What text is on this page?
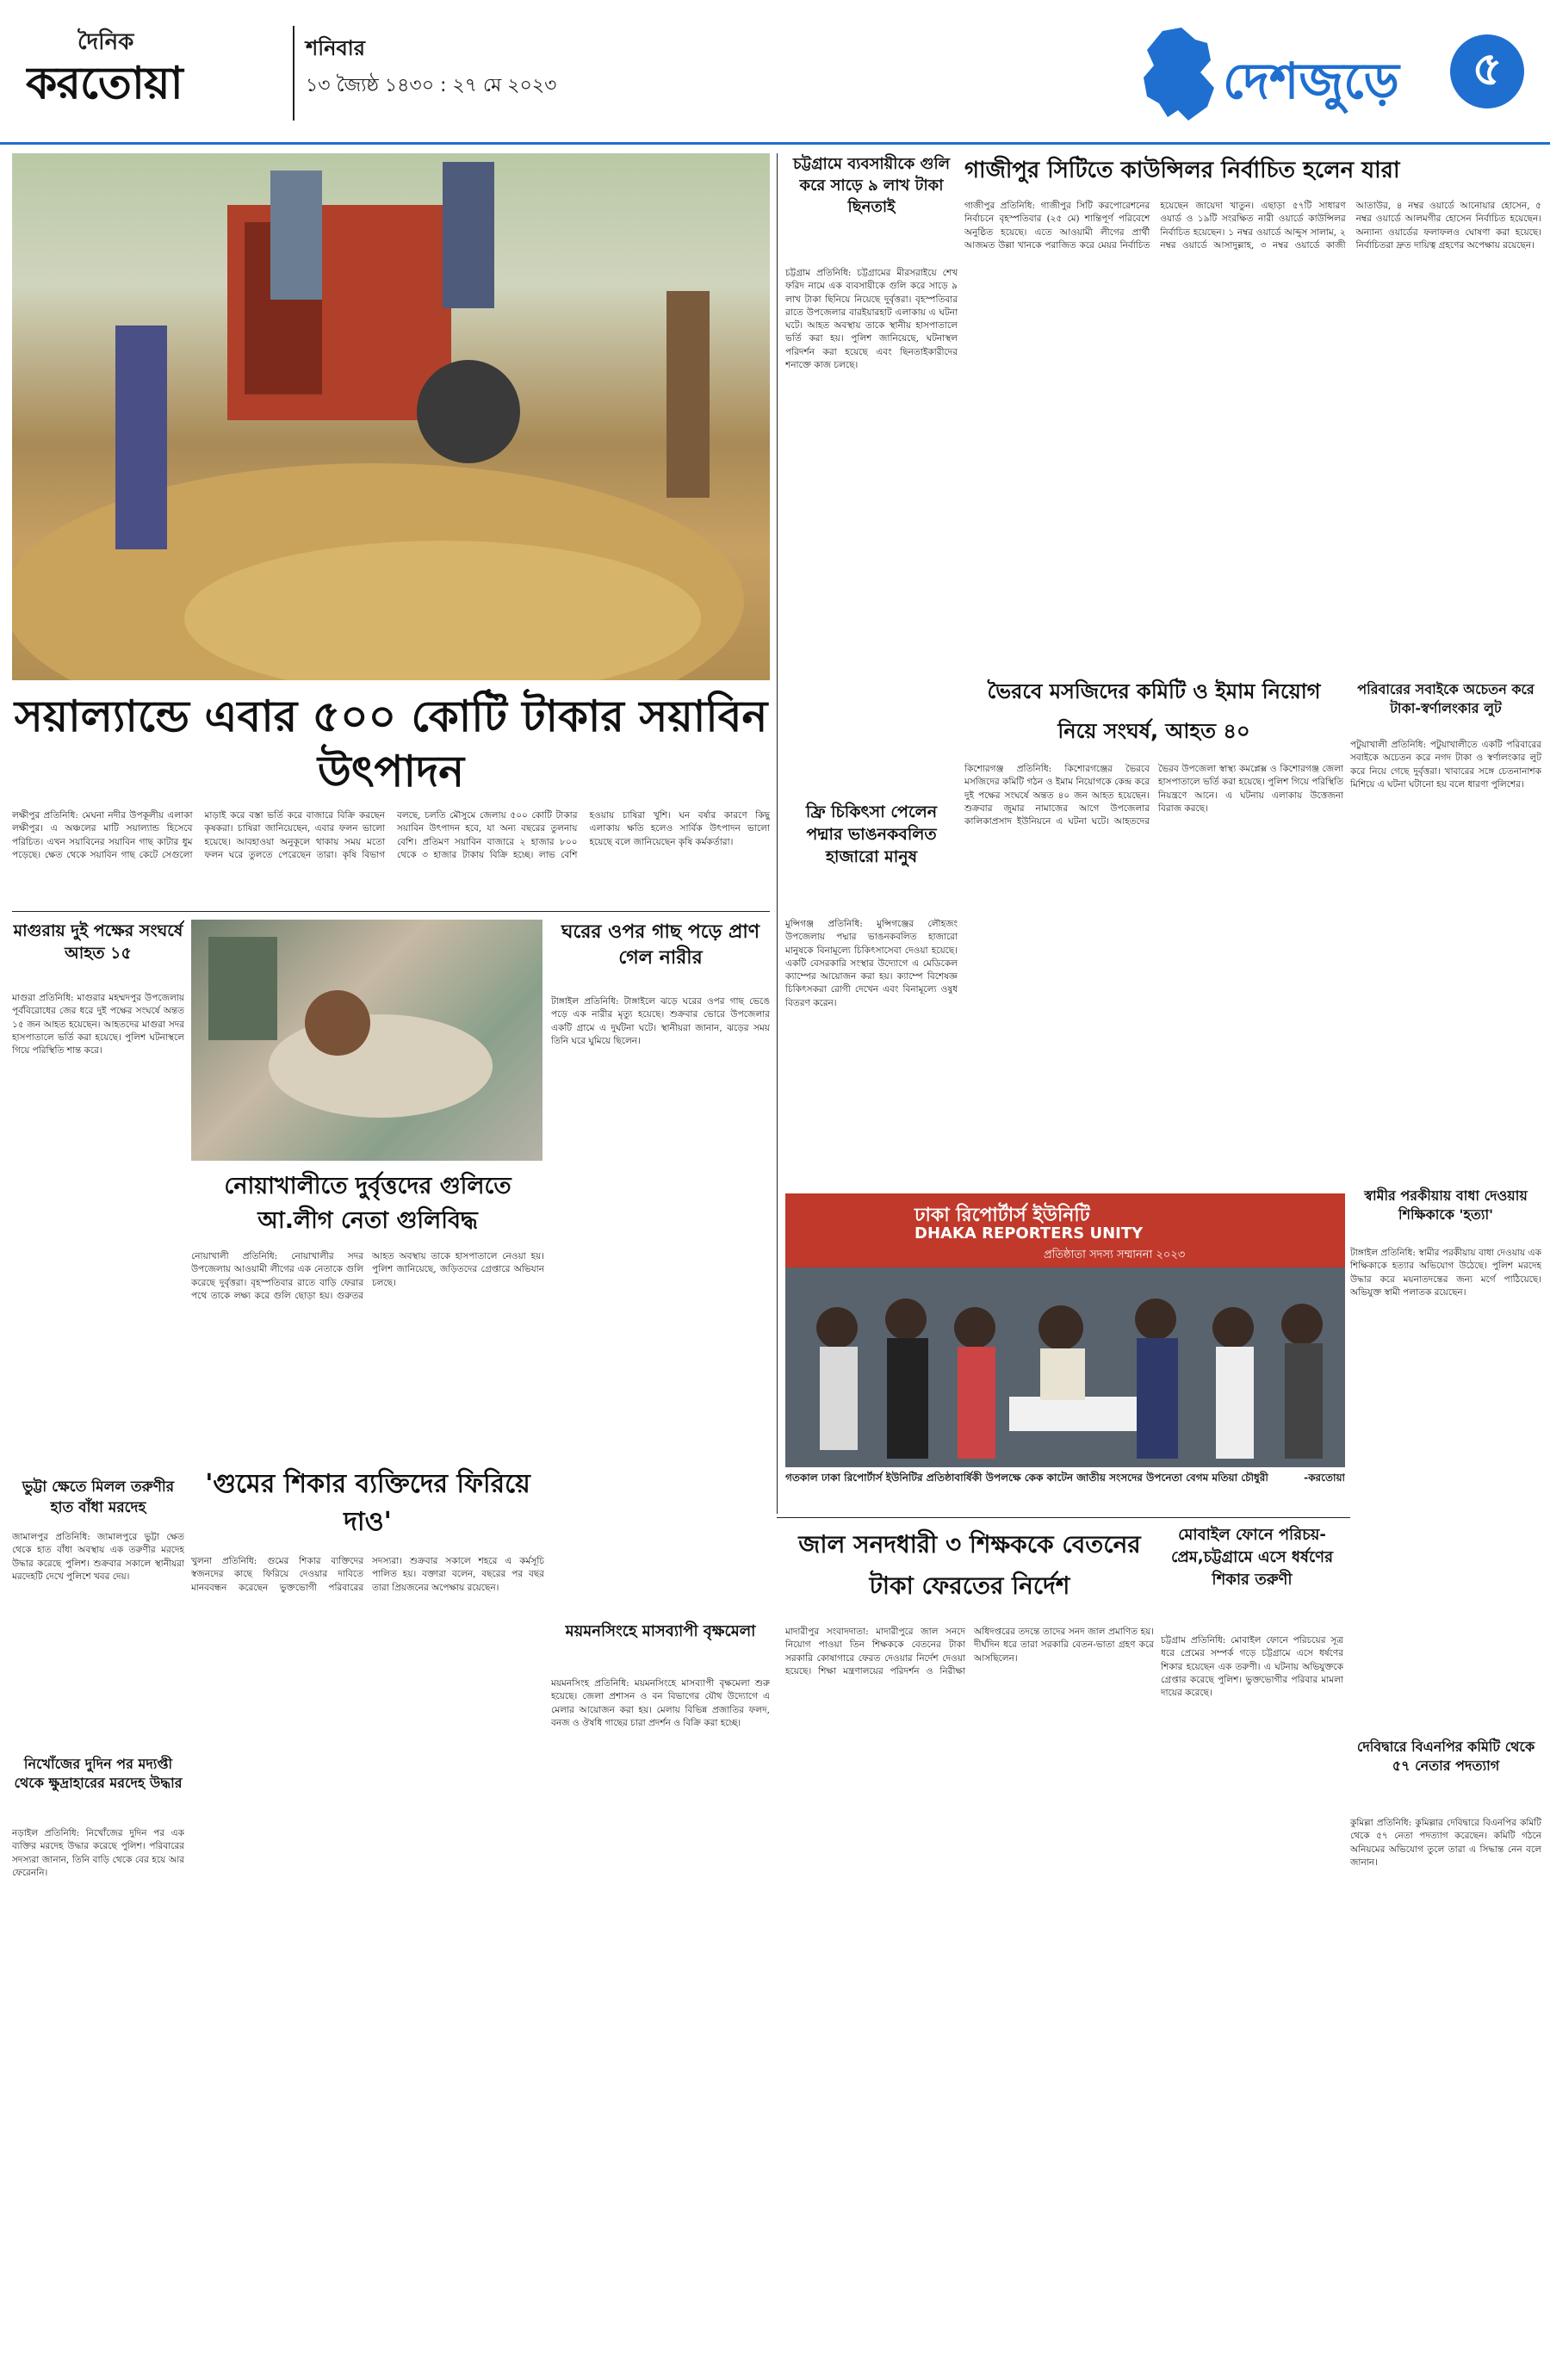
দৈনিক
করতোয়া
শনিবার
১৩ জ্যৈষ্ঠ ১৪৩০ : ২৭ মে ২০২৩	দেশজুড়ে ৫
সয়াল্যান্ডে এবার ৫০০ কোটি টাকার সয়াবিন উৎপাদন
লক্ষীপুর প্রতিনিধি: মেঘনা নদীর উপকূলীয় এলাকা লক্ষীপুর। এ অঞ্চলের মাটি সয়াল্যান্ড হিসেবে পরিচিত। এখন সয়াবিনের সয়াবিন গাছ কাটার ধুম পড়েছে। ক্ষেত থেকে সয়াবিন গাছ কেটে সেগুলো মাড়াই করে বস্তা ভর্তি করে বাজারে বিক্রি করছেন কৃষকরা। চাষিরা জানিয়েছেন, এবার ফলন ভালো হয়েছে। আবহাওয়া অনুকূলে থাকায় সময় মতো ফলন ঘরে তুলতে পেরেছেন তারা। কৃষি বিভাগ বলছে, চলতি মৌসুমে জেলায় ৫০০ কোটি টাকার সয়াবিন উৎপাদন হবে, যা অন্য বছরের তুলনায় বেশি। প্রতিমণ সয়াবিন বাজারে ২ হাজার ৮০০ থেকে ৩ হাজার টাকায় বিক্রি হচ্ছে। লাভ বেশি হওয়ায় চাষিরা খুশি। ঘন বর্ষার কারণে কিছু এলাকায় ক্ষতি হলেও সার্বিক উৎপাদন ভালো হয়েছে বলে জানিয়েছেন কৃষি কর্মকর্তারা।
মাগুরায় দুই পক্ষের সংঘর্ষে আহত ১৫
মাগুরা প্রতিনিধি: মাগুরার মহম্মদপুর উপজেলায় পূর্ববিরোধের জের ধরে দুই পক্ষের সংঘর্ষে অন্তত ১৫ জন আহত হয়েছেন। আহতদের মাগুরা সদর হাসপাতালে ভর্তি করা হয়েছে। পুলিশ ঘটনাস্থলে গিয়ে পরিস্থিতি শান্ত করে।
ঘরের ওপর গাছ পড়ে প্রাণ গেল নারীর
টাঙ্গাইল প্রতিনিধি: টাঙ্গাইলে ঝড়ে ঘরের ওপর গাছ ভেঙে পড়ে এক নারীর মৃত্যু হয়েছে। শুক্রবার ভোরে উপজেলার একটি গ্রামে এ দুর্ঘটনা ঘটে। স্থানীয়রা জানান, ঝড়ের সময় তিনি ঘরে ঘুমিয়ে ছিলেন।
নোয়াখালীতে দুর্বৃত্তদের গুলিতে আ.লীগ নেতা গুলিবিদ্ধ
নোয়াখালী প্রতিনিধি: নোয়াখালীর সদর উপজেলায় আওয়ামী লীগের এক নেতাকে গুলি করেছে দুর্বৃত্তরা। বৃহস্পতিবার রাতে বাড়ি ফেরার পথে তাকে লক্ষ্য করে গুলি ছোড়া হয়। গুরুতর আহত অবস্থায় তাকে হাসপাতালে নেওয়া হয়। পুলিশ জানিয়েছে, জড়িতদের গ্রেপ্তারে অভিযান চলছে।
ভুট্টা ক্ষেতে মিলল তরুণীর হাত বাঁধা মরদেহ
জামালপুর প্রতিনিধি: জামালপুরে ভুট্টা ক্ষেত থেকে হাত বাঁধা অবস্থায় এক তরুণীর মরদেহ উদ্ধার করেছে পুলিশ। শুক্রবার সকালে স্থানীয়রা মরদেহটি দেখে পুলিশে খবর দেয়।
নিখোঁজের দুদিন পর মদ্যপ্তী থেকে ক্ষুদ্রাহারের মরদেহ উদ্ধার
নড়াইল প্রতিনিধি: নিখোঁজের দুদিন পর এক ব্যক্তির মরদেহ উদ্ধার করেছে পুলিশ। পরিবারের সদস্যরা জানান, তিনি বাড়ি থেকে বের হয়ে আর ফেরেননি।
'গুমের শিকার ব্যক্তিদের ফিরিয়ে দাও'
খুলনা প্রতিনিধি: গুমের শিকার ব্যক্তিদের স্বজনদের কাছে ফিরিয়ে দেওয়ার দাবিতে মানববন্ধন করেছেন ভুক্তভোগী পরিবারের সদস্যরা। শুক্রবার সকালে শহরে এ কর্মসূচি পালিত হয়। বক্তারা বলেন, বছরের পর বছর তারা প্রিয়জনের অপেক্ষায় রয়েছেন।
ময়মনসিংহে মাসব্যাপী বৃক্ষমেলা
ময়মনসিংহ প্রতিনিধি: ময়মনসিংহে মাসব্যাপী বৃক্ষমেলা শুরু হয়েছে। জেলা প্রশাসন ও বন বিভাগের যৌথ উদ্যোগে এ মেলার আয়োজন করা হয়। মেলায় বিভিন্ন প্রজাতির ফলদ, বনজ ও ঔষধি গাছের চারা প্রদর্শন ও বিক্রি করা হচ্ছে।
চট্টগ্রামে ব্যবসায়ীকে গুলি করে সাড়ে ৯ লাখ টাকা ছিনতাই
চট্টগ্রাম প্রতিনিধি: চট্টগ্রামের মীরসরাইয়ে শেখ ফরিদ নামে এক ব্যবসায়ীকে গুলি করে সাড়ে ৯ লাখ টাকা ছিনিয়ে নিয়েছে দুর্বৃত্তরা। বৃহস্পতিবার রাতে উপজেলার বারইয়ারহাট এলাকায় এ ঘটনা ঘটে। আহত অবস্থায় তাকে স্থানীয় হাসপাতালে ভর্তি করা হয়। পুলিশ জানিয়েছে, ঘটনাস্থল পরিদর্শন করা হয়েছে এবং ছিনতাইকারীদের শনাক্তে কাজ চলছে।
ফ্রি চিকিৎসা পেলেন পদ্মার ভাঙনকবলিত হাজারো মানুষ
মুন্সিগঞ্জ প্রতিনিধি: মুন্সিগঞ্জের লৌহজং উপজেলায় পদ্মার ভাঙনকবলিত হাজারো মানুষকে বিনামূল্যে চিকিৎসাসেবা দেওয়া হয়েছে। একটি বেসরকারি সংস্থার উদ্যোগে এ মেডিকেল ক্যাম্পের আয়োজন করা হয়। ক্যাম্পে বিশেষজ্ঞ চিকিৎসকরা রোগী দেখেন এবং বিনামূল্যে ওষুধ বিতরণ করেন।
গাজীপুর সিটিতে কাউন্সিলর নির্বাচিত হলেন যারা
গাজীপুর প্রতিনিধি: গাজীপুর সিটি করপোরেশনের নির্বাচনে বৃহস্পতিবার (২৫ মে) শান্তিপূর্ণ পরিবেশে অনুষ্ঠিত হয়েছে। এতে আওয়ামী লীগের প্রার্থী আজমত উল্লা খানকে পরাজিত করে মেয়র নির্বাচিত হয়েছেন জায়েদা খাতুন। এছাড়া ৫৭টি সাধারণ ওয়ার্ড ও ১৯টি সংরক্ষিত নারী ওয়ার্ডে কাউন্সিলর নির্বাচিত হয়েছেন। ১ নম্বর ওয়ার্ডে আব্দুস সালাম, ২ নম্বর ওয়ার্ডে আসাদুল্লাহ, ৩ নম্বর ওয়ার্ডে কাজী আতাউর, ৪ নম্বর ওয়ার্ডে আনোয়ার হোসেন, ৫ নম্বর ওয়ার্ডে আলমগীর হোসেন নির্বাচিত হয়েছেন। অন্যান্য ওয়ার্ডের ফলাফলও ঘোষণা করা হয়েছে। নির্বাচিতরা দ্রুত দায়িত্ব গ্রহণের অপেক্ষায় রয়েছেন।
ভৈরবে মসজিদের কমিটি ও ইমাম নিয়োগ নিয়ে সংঘর্ষ, আহত ৪০
কিশোরগঞ্জ প্রতিনিধি: কিশোরগঞ্জের ভৈরবে মসজিদের কমিটি গঠন ও ইমাম নিয়োগকে কেন্দ্র করে দুই পক্ষের সংঘর্ষে অন্তত ৪০ জন আহত হয়েছেন। শুক্রবার জুমার নামাজের আগে উপজেলার কালিকাপ্রসাদ ইউনিয়নে এ ঘটনা ঘটে। আহতদের ভৈরব উপজেলা স্বাস্থ্য কমপ্লেক্স ও কিশোরগঞ্জ জেলা হাসপাতালে ভর্তি করা হয়েছে। পুলিশ গিয়ে পরিস্থিতি নিয়ন্ত্রণে আনে। এ ঘটনায় এলাকায় উত্তেজনা বিরাজ করছে।
পরিবারের সবাইকে অচেতন করে টাকা-স্বর্ণালংকার লুট
পটুয়াখালী প্রতিনিধি: পটুয়াখালীতে একটি পরিবারের সবাইকে অচেতন করে নগদ টাকা ও স্বর্ণালংকার লুট করে নিয়ে গেছে দুর্বৃত্তরা। খাবারের সঙ্গে চেতনানাশক মিশিয়ে এ ঘটনা ঘটানো হয় বলে ধারণা পুলিশের।
স্বামীর পরকীয়ায় বাধা দেওয়ায় শিক্ষিকাকে 'হত্যা'
টাঙ্গাইল প্রতিনিধি: স্বামীর পরকীয়ায় বাধা দেওয়ায় এক শিক্ষিকাকে হত্যার অভিযোগ উঠেছে। পুলিশ মরদেহ উদ্ধার করে ময়নাতদন্তের জন্য মর্গে পাঠিয়েছে। অভিযুক্ত স্বামী পলাতক রয়েছেন।
ঢাকা রিপোর্টার্স ইউনিটি
DHAKA REPORTERS UNITY
প্রতিষ্ঠাতা সদস্য সম্মাননা ২০২৩
গতকাল ঢাকা রিপোর্টার্স ইউনিটির প্রতিষ্ঠাবার্ষিকী উপলক্ষে কেক কাটেন জাতীয় সংসদের উপনেতা বেগম মতিয়া চৌধুরী	-করতোয়া
জাল সনদধারী ৩ শিক্ষককে বেতনের টাকা ফেরতের নির্দেশ
মাদারীপুর সংবাদদাতা: মাদারীপুরে জাল সনদে নিয়োগ পাওয়া তিন শিক্ষককে বেতনের টাকা সরকারি কোষাগারে ফেরত দেওয়ার নির্দেশ দেওয়া হয়েছে। শিক্ষা মন্ত্রণালয়ের পরিদর্শন ও নিরীক্ষা অধিদপ্তরের তদন্তে তাদের সনদ জাল প্রমাণিত হয়। দীর্ঘদিন ধরে তারা সরকারি বেতন-ভাতা গ্রহণ করে আসছিলেন।
মোবাইল ফোনে পরিচয়-প্রেম,চট্টগ্রামে এসে ধর্ষণের শিকার তরুণী
চট্টগ্রাম প্রতিনিধি: মোবাইল ফোনে পরিচয়ের সূত্র ধরে প্রেমের সম্পর্ক গড়ে চট্টগ্রামে এসে ধর্ষণের শিকার হয়েছেন এক তরুণী। এ ঘটনায় অভিযুক্তকে গ্রেপ্তার করেছে পুলিশ। ভুক্তভোগীর পরিবার মামলা দায়ের করেছে।
দেবিদ্বারে বিএনপির কমিটি থেকে ৫৭ নেতার পদত্যাগ
কুমিল্লা প্রতিনিধি: কুমিল্লার দেবিদ্বারে বিএনপির কমিটি থেকে ৫৭ নেতা পদত্যাগ করেছেন। কমিটি গঠনে অনিয়মের অভিযোগ তুলে তারা এ সিদ্ধান্ত নেন বলে জানান।
